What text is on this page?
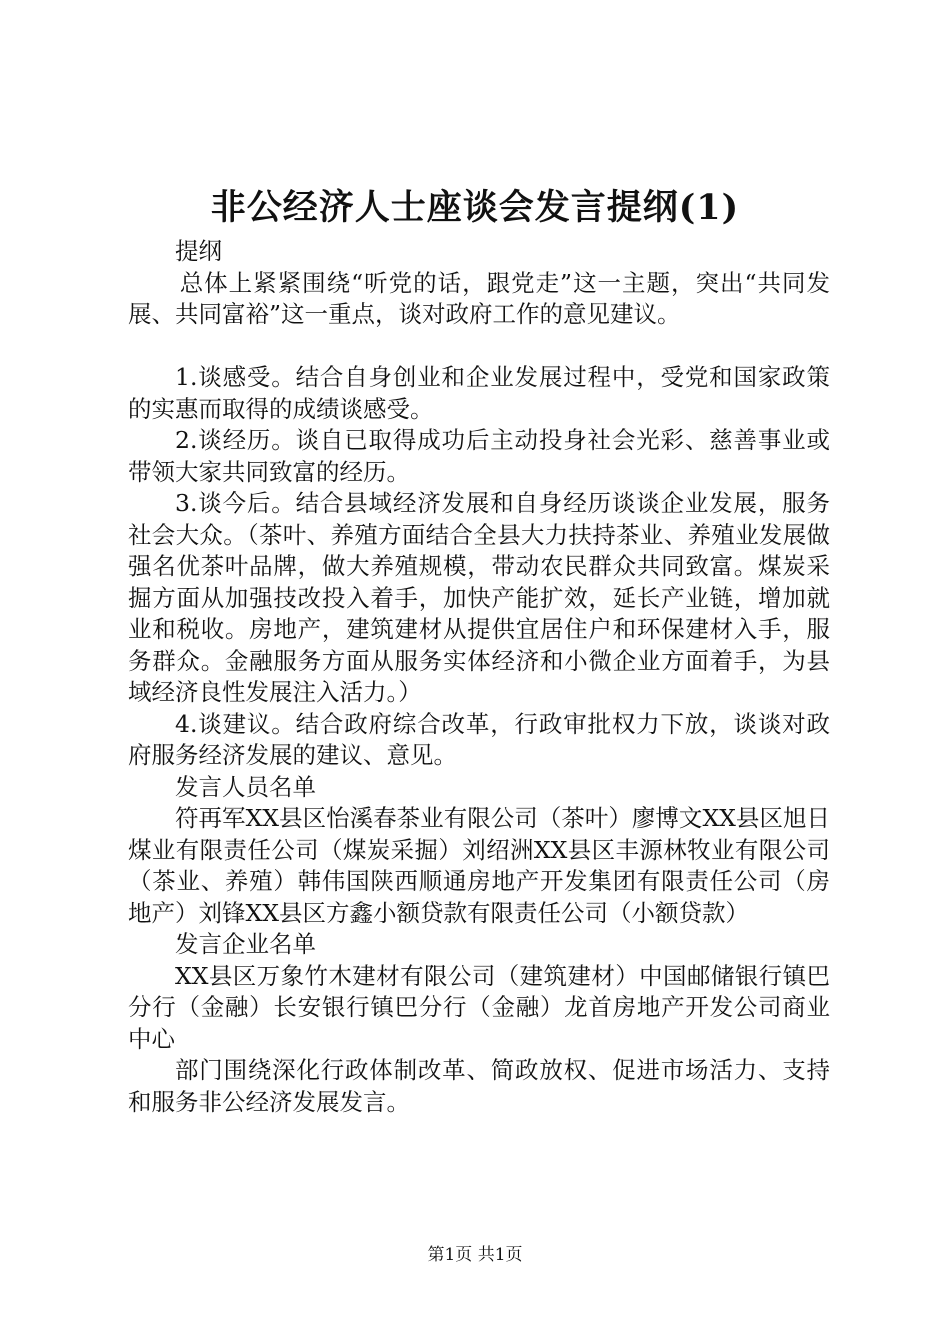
非公经济人士座谈会发言提纲(1)

提纲

总体上紧紧围绕“听党的话，跟党走”这一主题，突出“共同发展、共同富裕”这一重点，谈对政府工作的意见建议。

1.谈感受。结合自身创业和企业发展过程中，受党和国家政策的实惠而取得的成绩谈感受。

2.谈经历。谈自已取得成功后主动投身社会光彩、慈善事业或带领大家共同致富的经历。

3.谈今后。结合县域经济发展和自身经历谈谈企业发展，服务社会大众。（茶叶、养殖方面结合全县大力扶持茶业、养殖业发展做强名优茶叶品牌，做大养殖规模，带动农民群众共同致富。煤炭采掘方面从加强技改投入着手，加快产能扩效，延长产业链，增加就业和税收。房地产，建筑建材从提供宜居住户和环保建材入手，服务群众。金融服务方面从服务实体经济和小微企业方面着手，为县域经济良性发展注入活力。）

4.谈建议。结合政府综合改革，行政审批权力下放，谈谈对政府服务经济发展的建议、意见。

发言人员名单

符再军XX县区怡溪春茶业有限公司（茶叶）廖博文XX县区旭日煤业有限责任公司（煤炭采掘）刘绍洲XX县区丰源林牧业有限公司（茶业、养殖）韩伟国陕西顺通房地产开发集团有限责任公司（房地产）刘锋XX县区方鑫小额贷款有限责任公司（小额贷款）

发言企业名单

XX县区万象竹木建材有限公司（建筑建材）中国邮储银行镇巴分行（金融）长安银行镇巴分行（金融）龙首房地产开发公司商业中心

部门围绕深化行政体制改革、简政放权、促进市场活力、支持和服务非公经济发展发言。

第1页 共1页
